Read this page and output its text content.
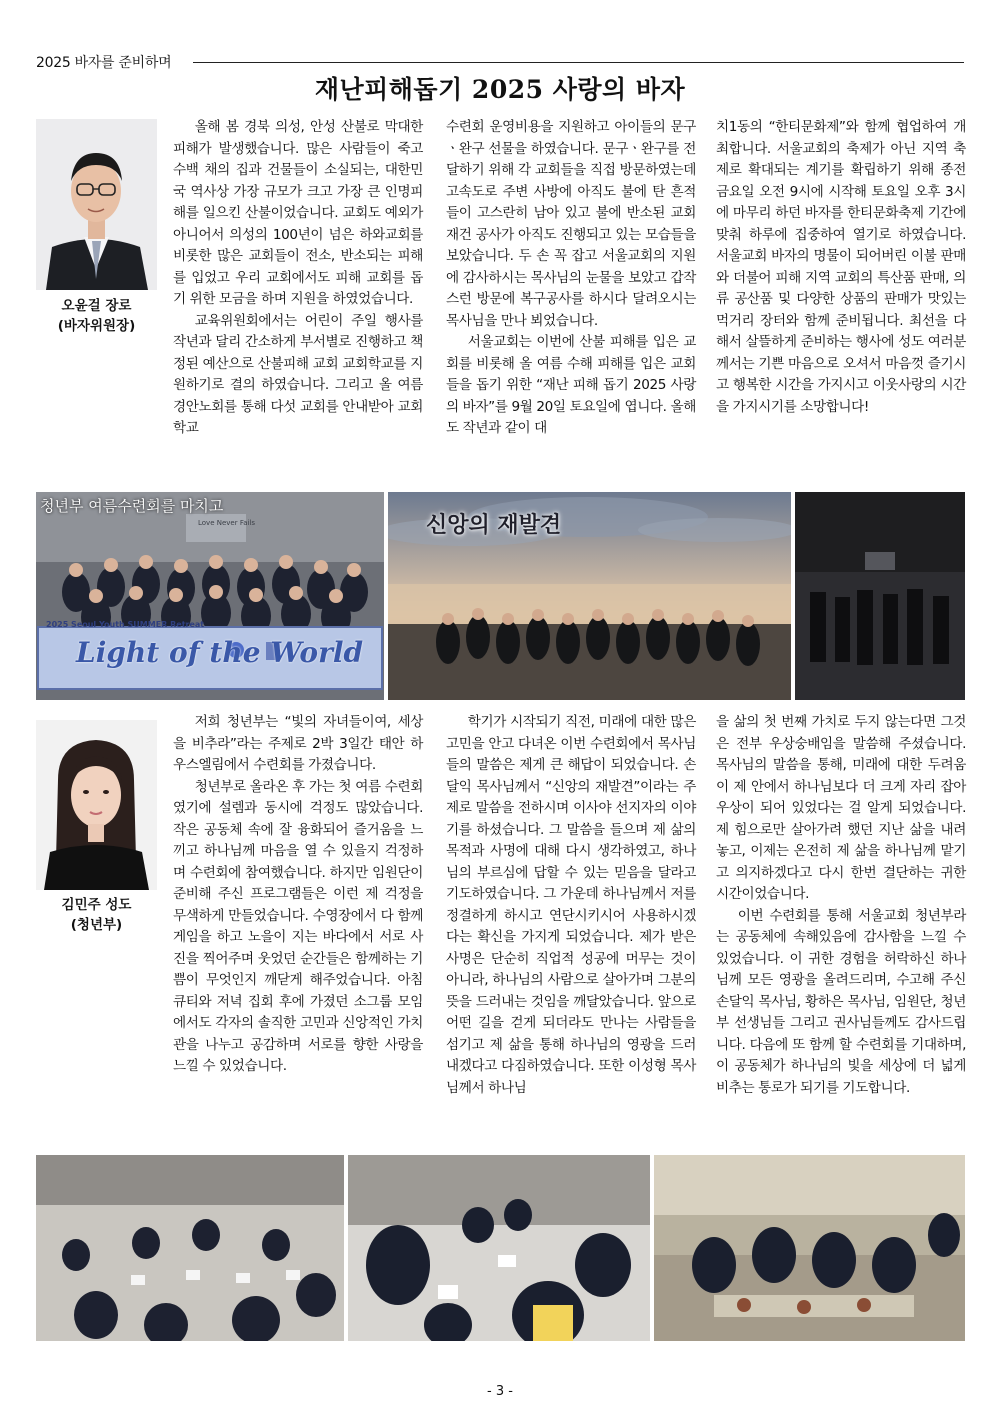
2025 바자를 준비하며
재난피해돕기 2025 사랑의 바자
오윤걸 장로
(바자위원장)

올해 봄 경북 의성, 안성 산불로 막대한 피해가 발생했습니다. 많은 사람들이 죽고 수백 채의 집과 건물들이 소실되는, 대한민국 역사상 가장 규모가 크고 가장 큰 인명피해를 일으킨 산불이었습니다. 교회도 예외가 아니어서 의성의 100년이 넘은 하와교회를 비롯한 많은 교회들이 전소, 반소되는 피해를 입었고 우리 교회에서도 피해 교회를 돕기 위한 모금을 하며 지원을 하였었습니다.

교육위원회에서는 어린이 주일 행사를 작년과 달리 간소하게 부서별로 진행하고 책정된 예산으로 산불피해 교회 교회학교를 지원하기로 결의 하였습니다. 그리고 올 여름 경안노회를 통해 다섯 교회를 안내받아 교회학교

수련회 운영비용을 지원하고 아이들의 문구ㆍ완구 선물을 하였습니다. 문구ㆍ완구를 전달하기 위해 각 교회들을 직접 방문하였는데 고속도로 주변 사방에 아직도 불에 탄 흔적들이 고스란히 남아 있고 불에 반소된 교회 재건 공사가 아직도 진행되고 있는 모습들을 보았습니다. 두 손 꼭 잡고 서울교회의 지원에 감사하시는 목사님의 눈물을 보았고 갑작스런 방문에 복구공사를 하시다 달려오시는 목사님을 만나 뵈었습니다.

서울교회는 이번에 산불 피해를 입은 교회를 비롯해 올 여름 수해 피해를 입은 교회들을 돕기 위한 “재난 피해 돕기 2025 사랑의 바자”를 9월 20일 토요일에 엽니다. 올해도 작년과 같이 대

치1동의 “한티문화제”와 함께 협업하여 개최합니다. 서울교회의 축제가 아닌 지역 축제로 확대되는 계기를 확립하기 위해 종전 금요일 오전 9시에 시작해 토요일 오후 3시에 마무리 하던 바자를 한티문화축제 기간에 맞춰 하루에 집중하여 열기로 하였습니다. 서울교회 바자의 명물이 되어버린 이불 판매와 더불어 피해 지역 교회의 특산품 판매, 의류 공산품 및 다양한 상품의 판매가 맛있는 먹거리 장터와 함께 준비됩니다. 최선을 다해서 살뜰하게 준비하는 행사에 성도 여러분께서는 기쁜 마음으로 오셔서 마음껏 즐기시고 행복한 시간을 가지시고 이웃사랑의 시간을 가지시기를 소망합니다!

청년부 여름수련회를 마치고
2025 Seoul Youth SUMMER Retreat
Light of the World
Love Never Fails	신앙의 재발견
김민주 성도
(청년부)

저희 청년부는 “빛의 자녀들이여, 세상을 비추라”라는 주제로 2박 3일간 태안 하우스엘림에서 수련회를 가졌습니다.

청년부로 올라온 후 가는 첫 여름 수련회였기에 설렘과 동시에 걱정도 많았습니다. 작은 공동체 속에 잘 융화되어 즐거움을 느끼고 하나님께 마음을 열 수 있을지 걱정하며 수련회에 참여했습니다. 하지만 임원단이 준비해 주신 프로그램들은 이런 제 걱정을 무색하게 만들었습니다. 수영장에서 다 함께 게임을 하고 노을이 지는 바다에서 서로 사진을 찍어주며 웃었던 순간들은 함께하는 기쁨이 무엇인지 깨닫게 해주었습니다. 아침 큐티와 저녁 집회 후에 가졌던 소그룹 모임에서도 각자의 솔직한 고민과 신앙적인 가치관을 나누고 공감하며 서로를 향한 사랑을 느낄 수 있었습니다.

학기가 시작되기 직전, 미래에 대한 많은 고민을 안고 다녀온 이번 수련회에서 목사님들의 말씀은 제게 큰 해답이 되었습니다. 손달익 목사님께서 “신앙의 재발견”이라는 주제로 말씀을 전하시며 이사야 선지자의 이야기를 하셨습니다. 그 말씀을 들으며 제 삶의 목적과 사명에 대해 다시 생각하였고, 하나님의 부르심에 답할 수 있는 믿음을 달라고 기도하였습니다. 그 가운데 하나님께서 저를 정결하게 하시고 연단시키시어 사용하시겠다는 확신을 가지게 되었습니다. 제가 받은 사명은 단순히 직업적 성공에 머무는 것이 아니라, 하나님의 사람으로 살아가며 그분의 뜻을 드러내는 것임을 깨달았습니다. 앞으로 어떤 길을 걷게 되더라도 만나는 사람들을 섬기고 제 삶을 통해 하나님의 영광을 드러내겠다고 다짐하였습니다. 또한 이성형 목사님께서 하나님

을 삶의 첫 번째 가치로 두지 않는다면 그것은 전부 우상숭배임을 말씀해 주셨습니다. 목사님의 말씀을 통해, 미래에 대한 두려움이 제 안에서 하나님보다 더 크게 자리 잡아 우상이 되어 있었다는 걸 알게 되었습니다. 제 힘으로만 살아가려 했던 지난 삶을 내려놓고, 이제는 온전히 제 삶을 하나님께 맡기고 의지하겠다고 다시 한번 결단하는 귀한 시간이었습니다.

이번 수련회를 통해 서울교회 청년부라는 공동체에 속해있음에 감사함을 느낄 수 있었습니다. 이 귀한 경험을 허락하신 하나님께 모든 영광을 올려드리며, 수고해 주신 손달익 목사님, 황하은 목사님, 임원단, 청년부 선생님들 그리고 권사님들께도 감사드립니다. 다음에 또 함께 할 수련회를 기대하며, 이 공동체가 하나님의 빛을 세상에 더 넓게 비추는 통로가 되기를 기도합니다.

- 3 -
